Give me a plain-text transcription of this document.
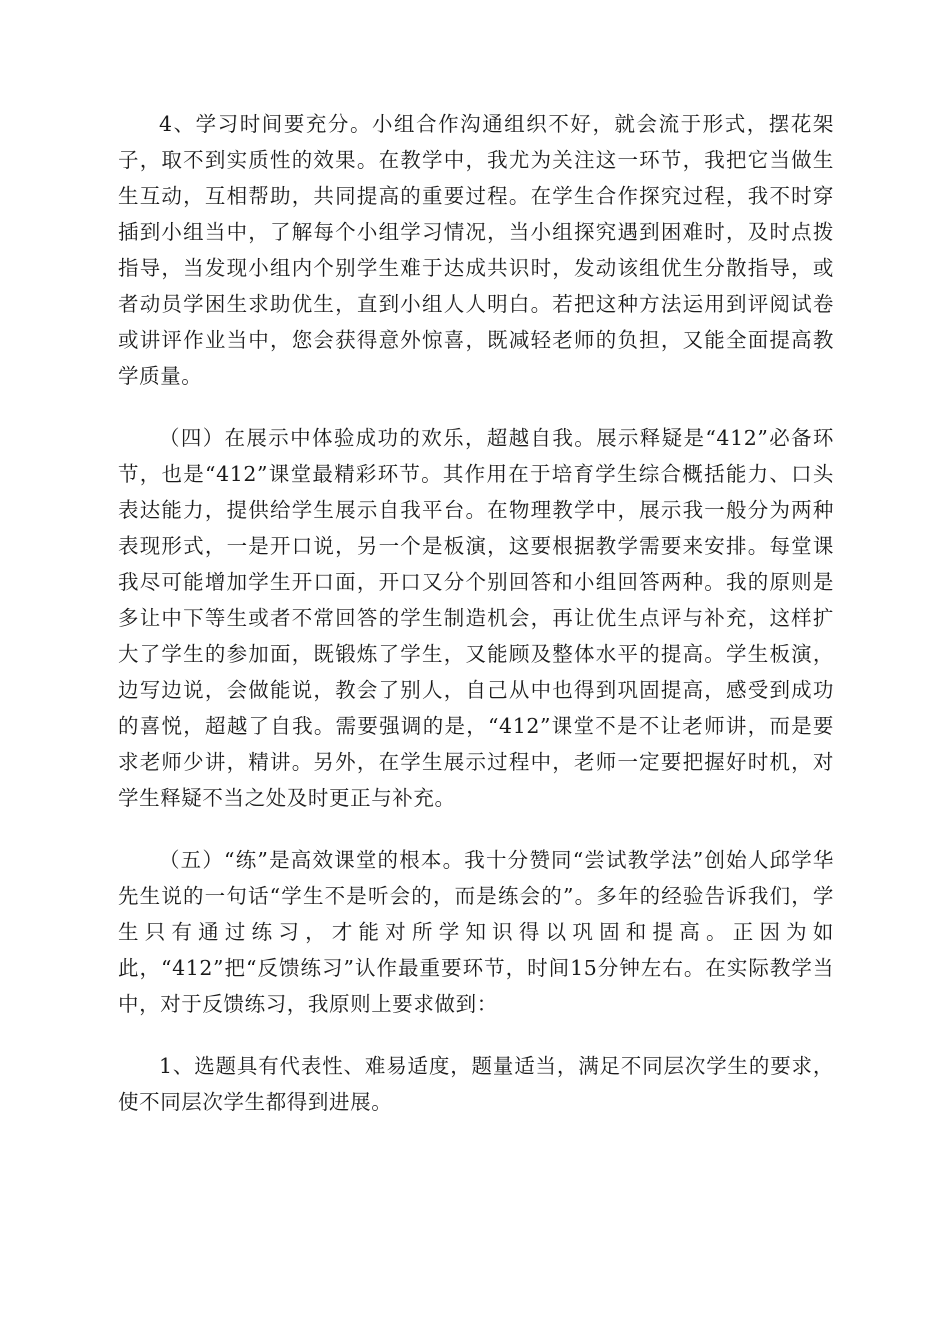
4、学习时间要充分。小组合作沟通组织不好，就会流于形式，摆花架子，取不到实质性的效果。在教学中，我尤为关注这一环节，我把它当做生生互动，互相帮助，共同提高的重要过程。在学生合作探究过程，我不时穿插到小组当中，了解每个小组学习情况，当小组探究遇到困难时，及时点拨指导，当发现小组内个别学生难于达成共识时，发动该组优生分散指导，或者动员学困生求助优生，直到小组人人明白。若把这种方法运用到评阅试卷或讲评作业当中，您会获得意外惊喜，既减轻老师的负担，又能全面提高教学质量。

（四）在展示中体验成功的欢乐，超越自我。展示释疑是“412”必备环节，也是“412”课堂最精彩环节。其作用在于培育学生综合概括能力、口头表达能力，提供给学生展示自我平台。在物理教学中，展示我一般分为两种表现形式，一是开口说，另一个是板演，这要根据教学需要来安排。每堂课我尽可能增加学生开口面，开口又分个别回答和小组回答两种。我的原则是多让中下等生或者不常回答的学生制造机会，再让优生点评与补充，这样扩大了学生的参加面，既锻炼了学生，又能顾及整体水平的提高。学生板演，边写边说，会做能说，教会了别人，自己从中也得到巩固提高，感受到成功的喜悦，超越了自我。需要强调的是，“412”课堂不是不让老师讲，而是要求老师少讲，精讲。另外，在学生展示过程中，老师一定要把握好时机，对学生释疑不当之处及时更正与补充。

（五）“练”是高效课堂的根本。我十分赞同“尝试教学法”创始人邱学华先生说的一句话“学生不是听会的，而是练会的”。多年的经验告诉我们，学生只有通过练习，才能对所学知识得以巩固和提高。正因为如此，“412”把“反馈练习”认作最重要环节，时间15分钟左右。在实际教学当中，对于反馈练习，我原则上要求做到：

1、选题具有代表性、难易适度，题量适当，满足不同层次学生的要求，使不同层次学生都得到进展。
